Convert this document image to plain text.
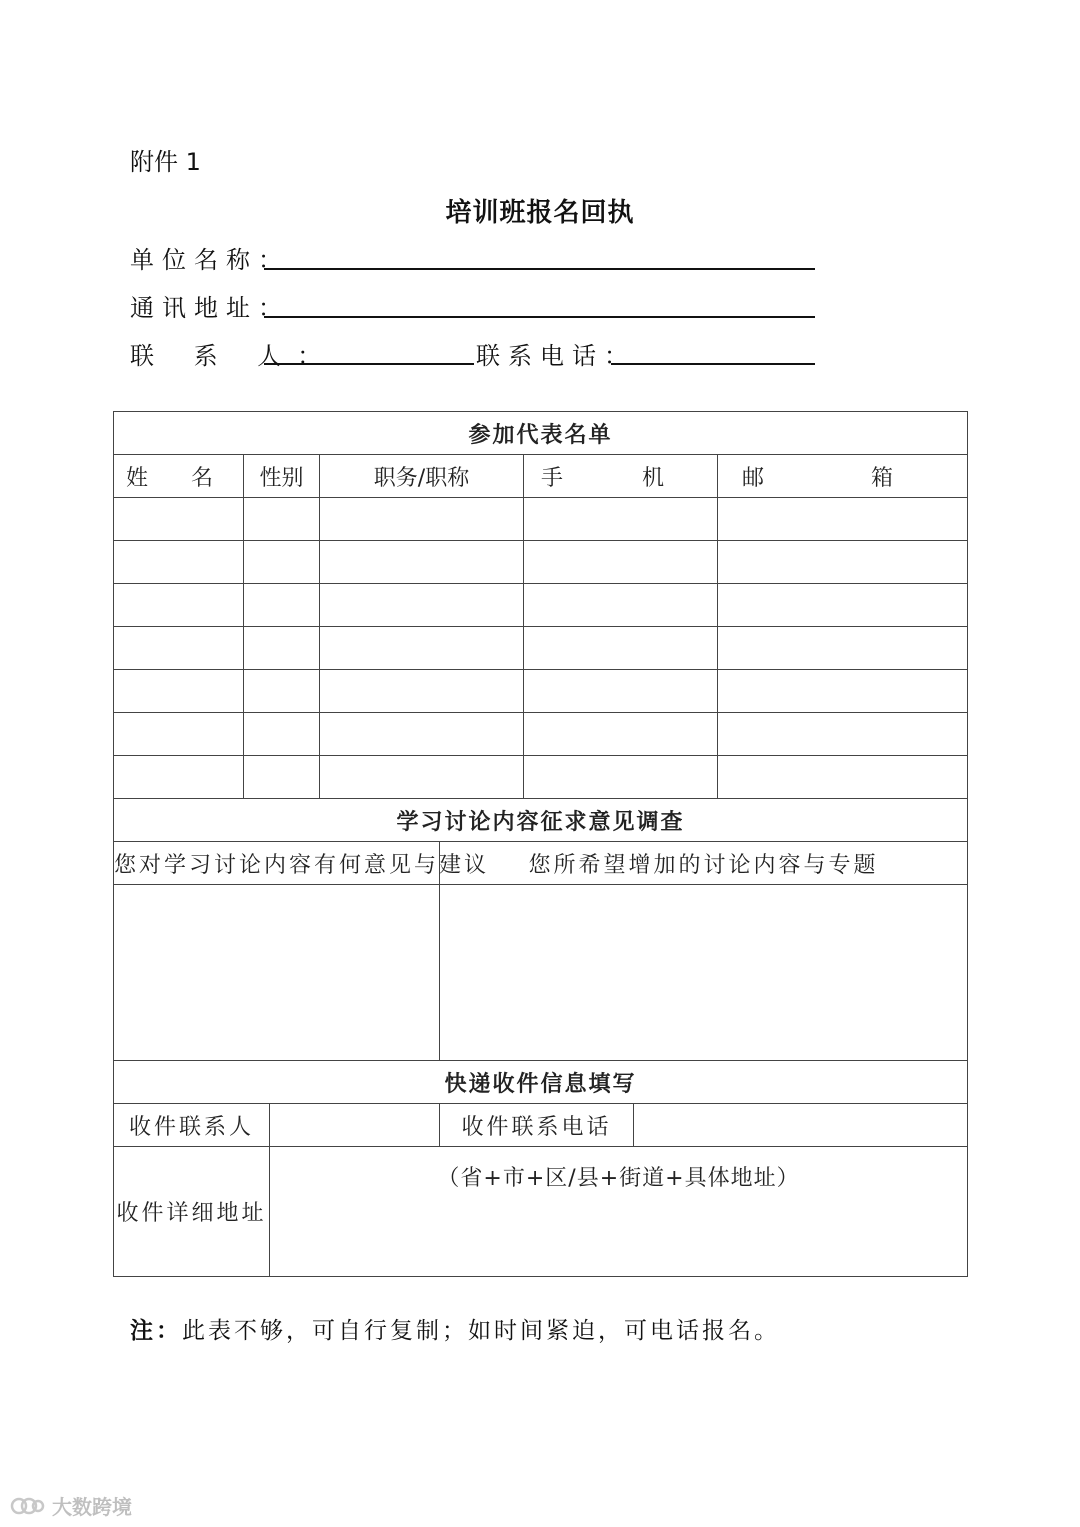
附件 1
培训班报名回执
单位名称：
通讯地址：
联 系 人：	联系电话：
参加代表名单							
姓 名	性别		职务/职称		手 机		邮 箱

学习讨论内容征求意见调查							
您对学习讨论内容有何意见与建议				您所希望增加的讨论内容与专题			

快递收件信息填写							
收件联系人				收件联系电话			
收件详细地址		（省+市+区/县+街道+具体地址）					
注：此表不够，可自行复制；如时间紧迫，可电话报名。
大数跨境
